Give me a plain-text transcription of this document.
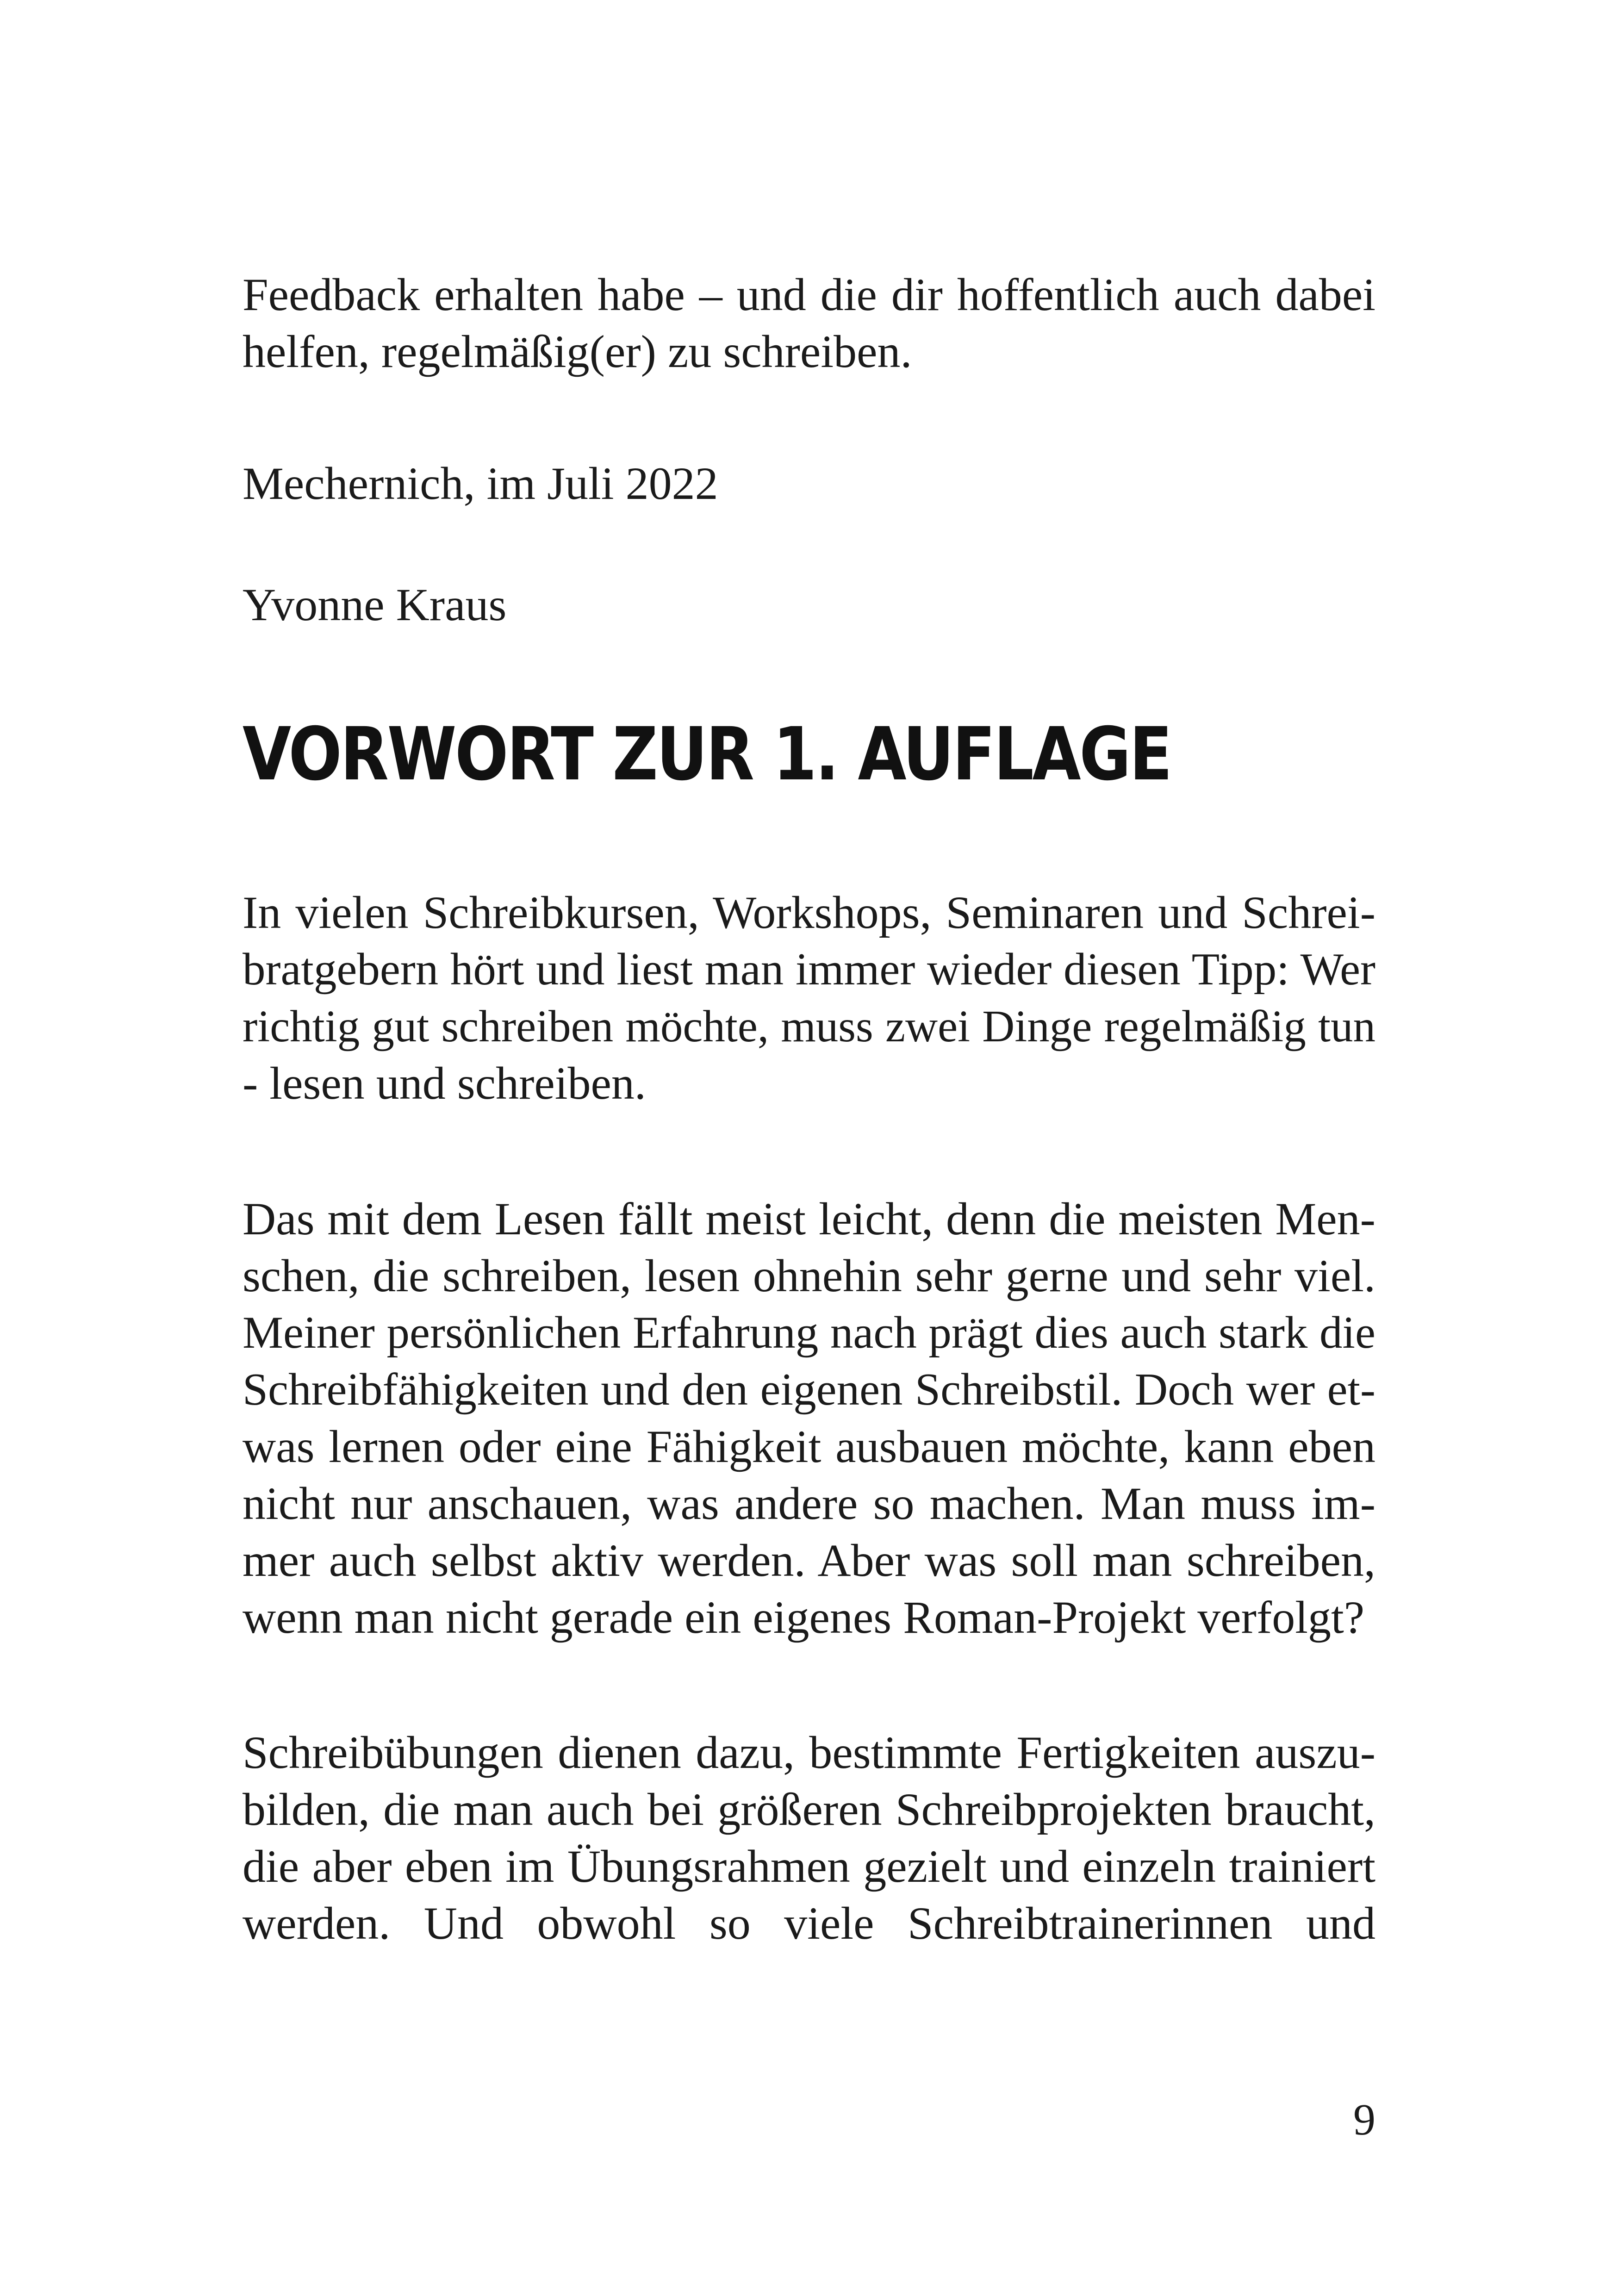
Feedback erhalten habe – und die dir hoffentlich auch dabei
helfen, regelmäßig(er) zu schreiben.
Mechernich, im Juli 2022
Yvonne Kraus
VORWORT ZUR 1. AUFLAGE
In vielen Schreibkursen, Workshops, Seminaren und Schrei-
bratgebern hört und liest man immer wieder diesen Tipp: Wer
richtig gut schreiben möchte, muss zwei Dinge regelmäßig tun
- lesen und schreiben.
Das mit dem Lesen fällt meist leicht, denn die meisten Men-
schen, die schreiben, lesen ohnehin sehr gerne und sehr viel.
Meiner persönlichen Erfahrung nach prägt dies auch stark die
Schreibfähigkeiten und den eigenen Schreibstil. Doch wer et-
was lernen oder eine Fähigkeit ausbauen möchte, kann eben
nicht nur anschauen, was andere so machen. Man muss im-
mer auch selbst aktiv werden. Aber was soll man schreiben,
wenn man nicht gerade ein eigenes Roman-Projekt verfolgt?
Schreibübungen dienen dazu, bestimmte Fertigkeiten auszu-
bilden, die man auch bei größeren Schreibprojekten braucht,
die aber eben im Übungsrahmen gezielt und einzeln trainiert
werden. Und obwohl so viele Schreibtrainerinnen und
9
